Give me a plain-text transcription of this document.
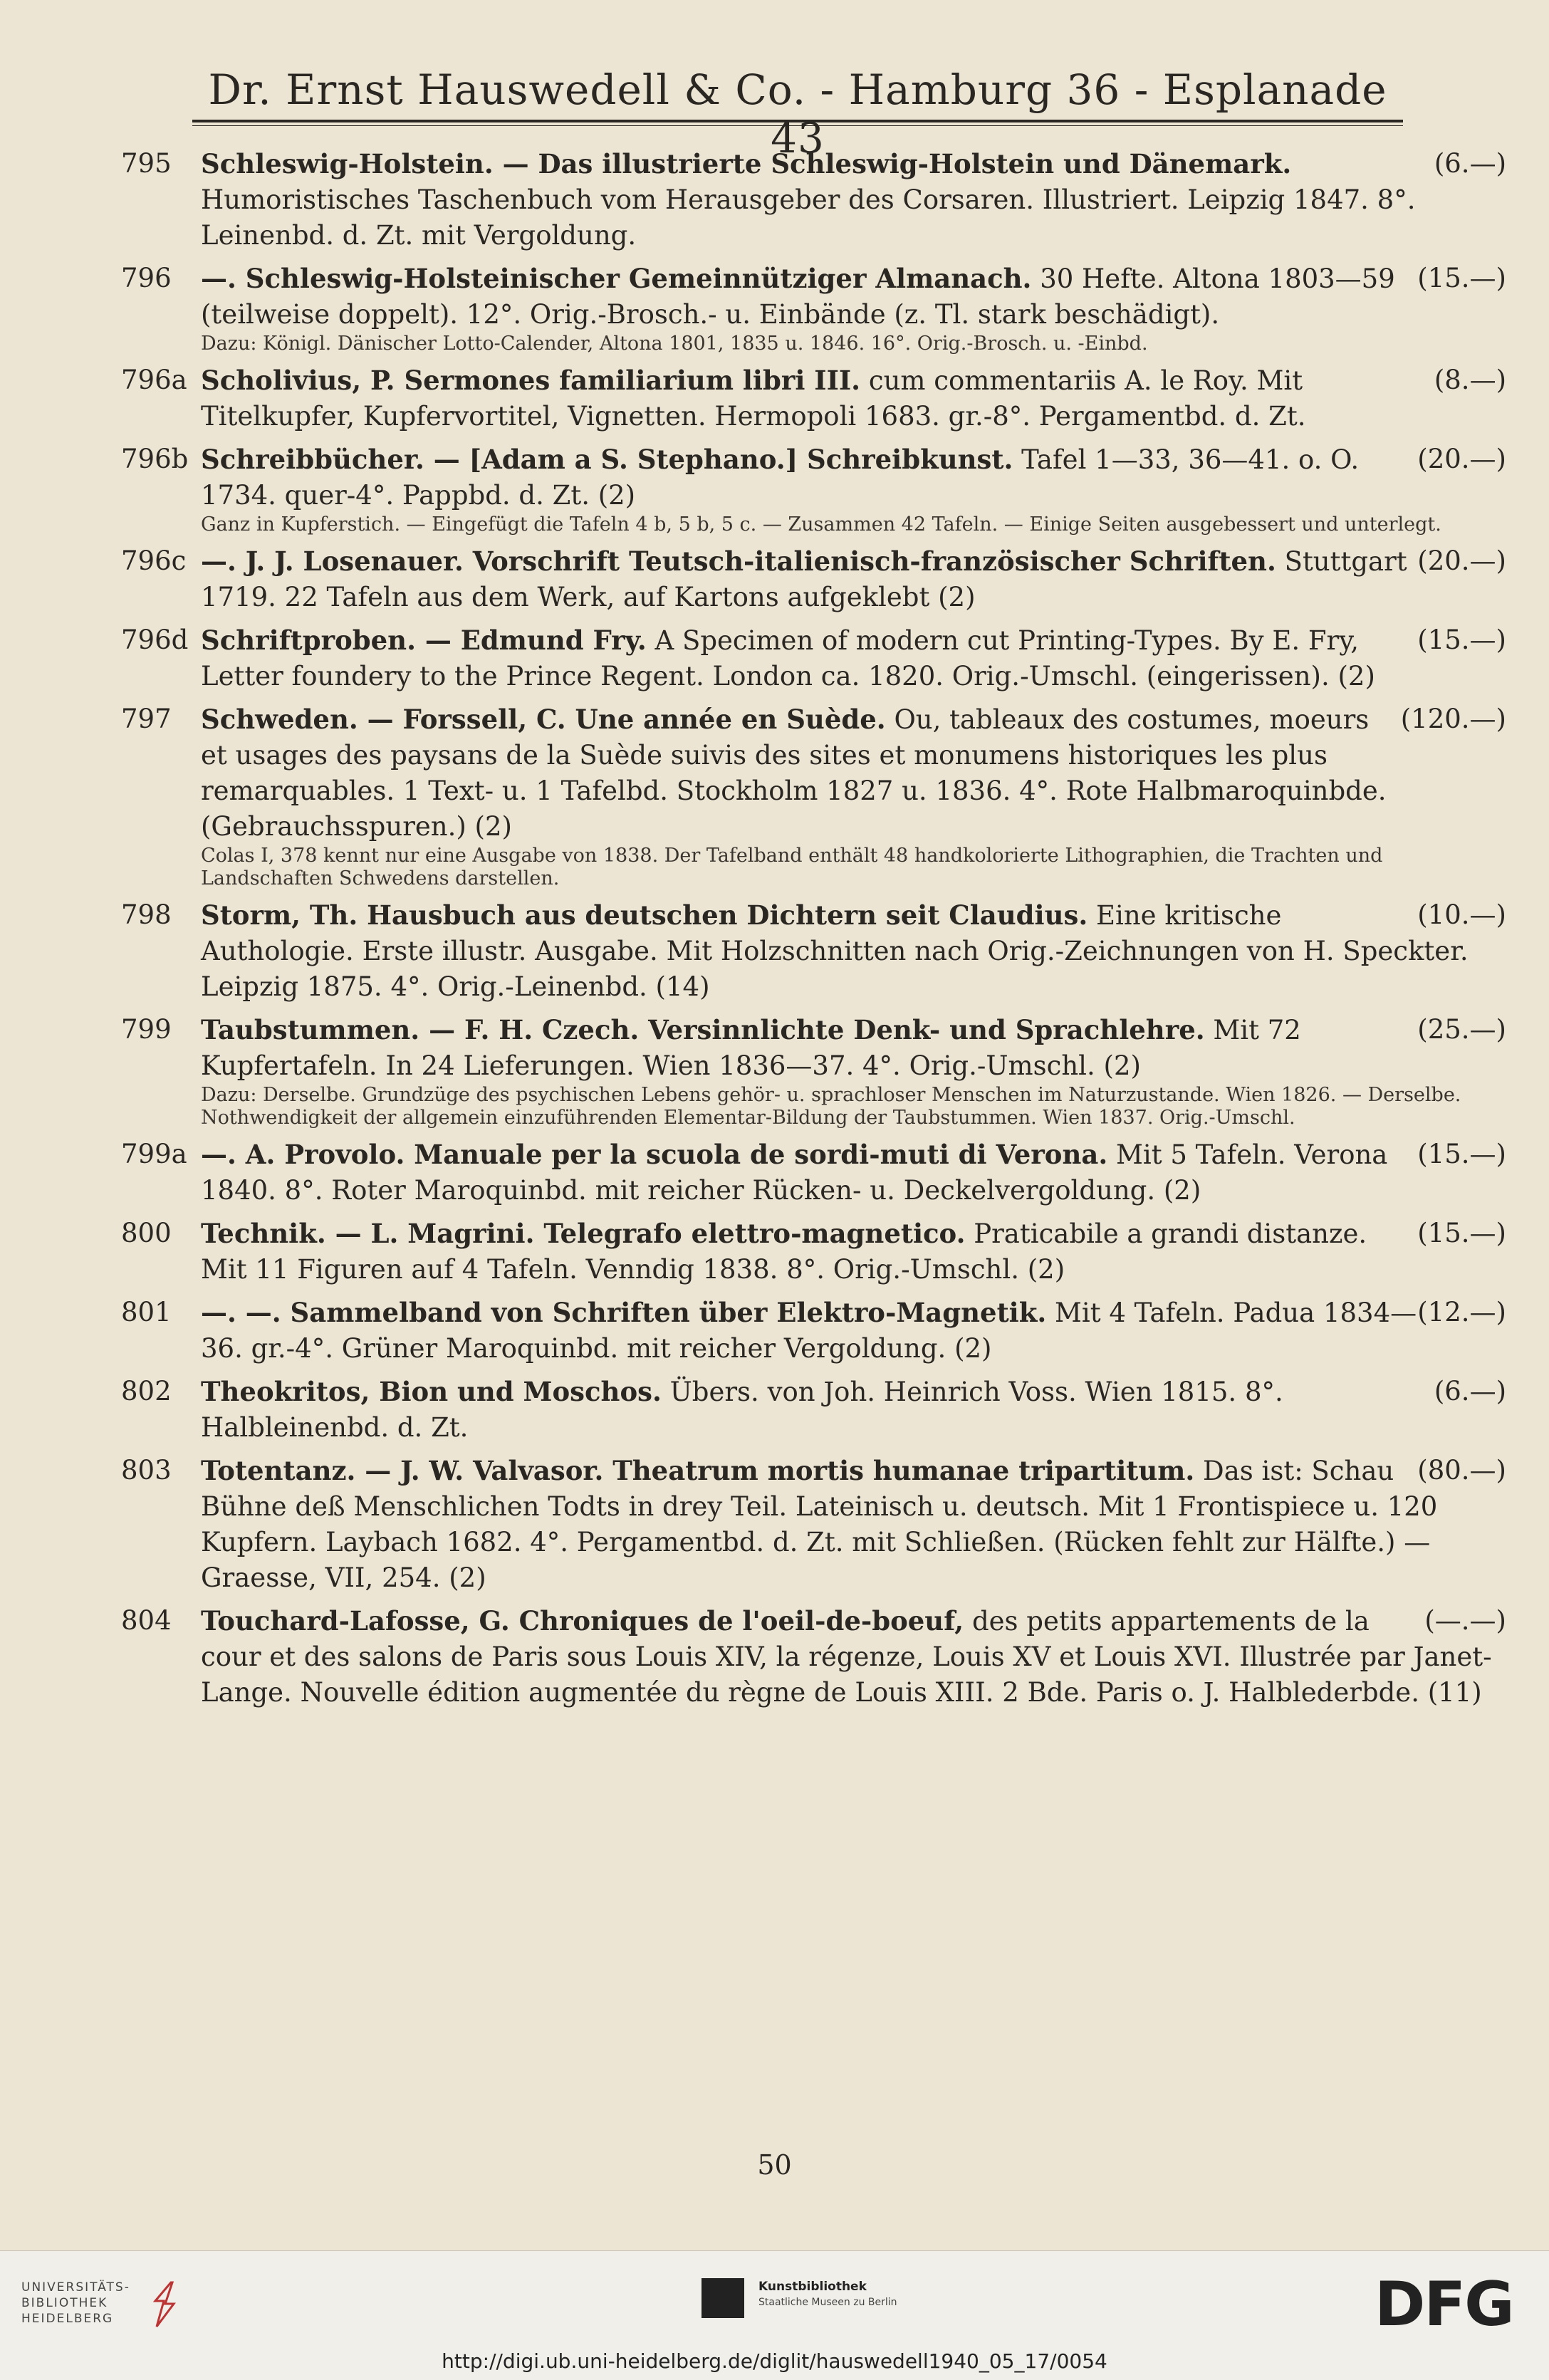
Dr. Ernst Hauswedell & Co. - Hamburg 36 - Esplanade 43
795	(6.—)
Schleswig-Holstein. — Das illustrierte Schleswig-Holstein und Dänemark. Humoristisches Taschenbuch vom Herausgeber des Corsaren. Illustriert. Leipzig 1847. 8°. Leinenbd. d. Zt. mit Vergoldung.
796	(15.—)
—. Schleswig-Holsteinischer Gemeinnütziger Almanach. 30 Hefte. Altona 1803—59 (teilweise doppelt). 12°. Orig.-Brosch.- u. Einbände (z. Tl. stark beschädigt).
Dazu: Königl. Dänischer Lotto-Calender, Altona 1801, 1835 u. 1846. 16°. Orig.-Brosch. u. -Einbd.
796a	(8.—)
Scholivius, P. Sermones familiarium libri III. cum commentariis A. le Roy. Mit Titelkupfer, Kupfervortitel, Vignetten. Hermopoli 1683. gr.-8°. Pergamentbd. d. Zt.
796b	(20.—)
Schreibbücher. — [Adam a S. Stephano.] Schreibkunst. Tafel 1—33, 36—41. o. O. 1734. quer-4°. Pappbd. d. Zt. (2)
Ganz in Kupferstich. — Eingefügt die Tafeln 4 b, 5 b, 5 c. — Zusammen 42 Tafeln. — Einige Seiten ausgebessert und unterlegt.
796c	(20.—)
—. J. J. Losenauer. Vorschrift Teutsch-italienisch-französischer Schriften. Stuttgart 1719. 22 Tafeln aus dem Werk, auf Kartons aufgeklebt (2)
796d	(15.—)
Schriftproben. — Edmund Fry. A Specimen of modern cut Printing-Types. By E. Fry, Letter foundery to the Prince Regent. London ca. 1820. Orig.-Umschl. (eingerissen). (2)
797	(120.—)
Schweden. — Forssell, C. Une année en Suède. Ou, tableaux des costumes, moeurs et usages des paysans de la Suède suivis des sites et monumens historiques les plus remarquables. 1 Text- u. 1 Tafelbd. Stockholm 1827 u. 1836. 4°. Rote Halbmaroquinbde. (Gebrauchsspuren.) (2)
Colas I, 378 kennt nur eine Ausgabe von 1838. Der Tafelband enthält 48 handkolorierte Lithographien, die Trachten und Landschaften Schwedens darstellen.
798	(10.—)
Storm, Th. Hausbuch aus deutschen Dichtern seit Claudius. Eine kritische Authologie. Erste illustr. Ausgabe. Mit Holzschnitten nach Orig.-Zeichnungen von H. Speckter. Leipzig 1875. 4°. Orig.-Leinenbd. (14)
799	(25.—)
Taubstummen. — F. H. Czech. Versinnlichte Denk- und Sprachlehre. Mit 72 Kupfertafeln. In 24 Lieferungen. Wien 1836—37. 4°. Orig.-Umschl. (2)
Dazu: Derselbe. Grundzüge des psychischen Lebens gehör- u. sprachloser Menschen im Naturzustande. Wien 1826. — Derselbe. Nothwendigkeit der allgemein einzuführenden Elementar-Bildung der Taubstummen. Wien 1837. Orig.-Umschl.
799a	(15.—)
—. A. Provolo. Manuale per la scuola de sordi-muti di Verona. Mit 5 Tafeln. Verona 1840. 8°. Roter Maroquinbd. mit reicher Rücken- u. Deckelvergoldung. (2)
800	(15.—)
Technik. — L. Magrini. Telegrafo elettro-magnetico. Praticabile a grandi distanze. Mit 11 Figuren auf 4 Tafeln. Venndig 1838. 8°. Orig.-Umschl. (2)
801	(12.—)
—. —. Sammelband von Schriften über Elektro-Magnetik. Mit 4 Tafeln. Padua 1834—36. gr.-4°. Grüner Maroquinbd. mit reicher Vergoldung. (2)
802	(6.—)
Theokritos, Bion und Moschos. Übers. von Joh. Heinrich Voss. Wien 1815. 8°. Halbleinenbd. d. Zt.
803	(80.—)
Totentanz. — J. W. Valvasor. Theatrum mortis humanae tripartitum. Das ist: Schau Bühne deß Menschlichen Todts in drey Teil. Lateinisch u. deutsch. Mit 1 Frontispiece u. 120 Kupfern. Laybach 1682. 4°. Pergamentbd. d. Zt. mit Schließen. (Rücken fehlt zur Hälfte.) — Graesse, VII, 254. (2)
804	(—.—)
Touchard-Lafosse, G. Chroniques de l'oeil-de-boeuf, des petits appartements de la cour et des salons de Paris sous Louis XIV, la régenze, Louis XV et Louis XVI. Illustrée par Janet-Lange. Nouvelle édition augmentée du règne de Louis XIII. 2 Bde. Paris o. J. Halblederbde. (11)
50
UNIVERSITÄTS-
BIBLIOTHEK
HEIDELBERG
Kunstbibliothek
Staatliche Museen zu Berlin	DFG
http://digi.ub.uni-heidelberg.de/diglit/hauswedell1940_05_17/0054
